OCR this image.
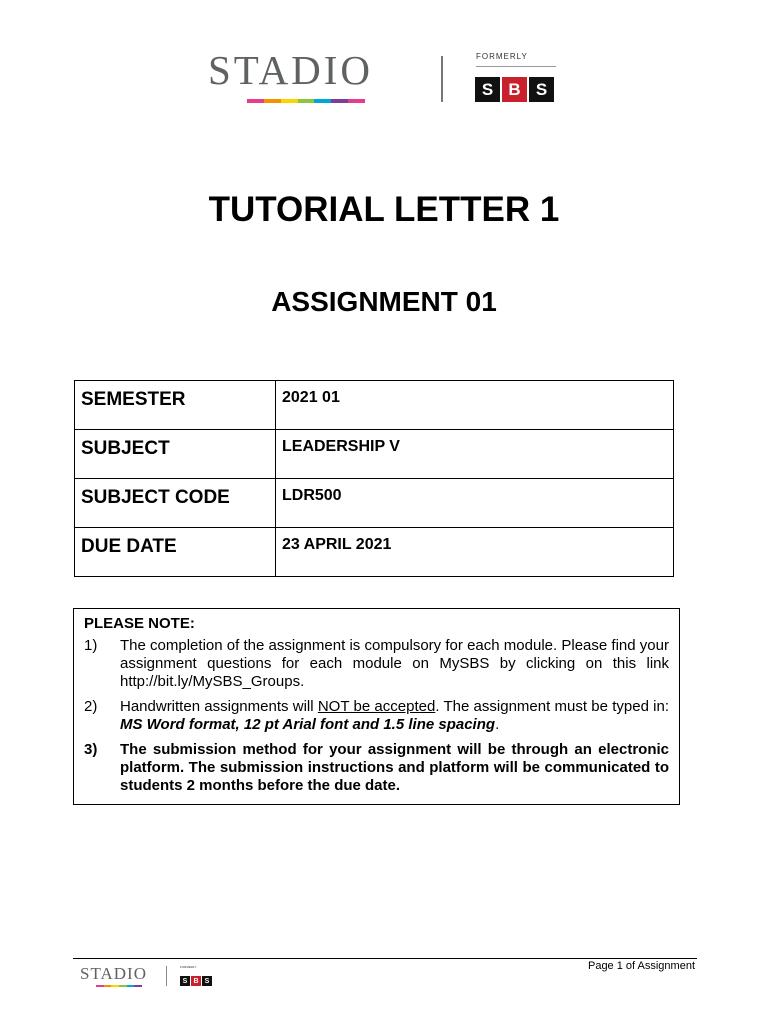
STADIO	FORMERLY
S B S
TUTORIAL LETTER 1
ASSIGNMENT 01
SEMESTER	2021 01
SUBJECT	LEADERSHIP V
SUBJECT CODE	LDR500
DUE DATE	23 APRIL 2021
PLEASE NOTE:
1)	The completion of the assignment is compulsory for each module. Please find your assignment questions for each module on MySBS by clicking on this link http://bit.ly/MySBS_Groups.
2)	Handwritten assignments will NOT be accepted. The assignment must be typed in: MS Word format, 12 pt Arial font and 1.5 line spacing.
3)	The submission method for your assignment will be through an electronic platform. The submission instructions and platform will be communicated to students 2 months before the due date.
Page 1 of Assignment
STADIO	FORMERLY
S B S
